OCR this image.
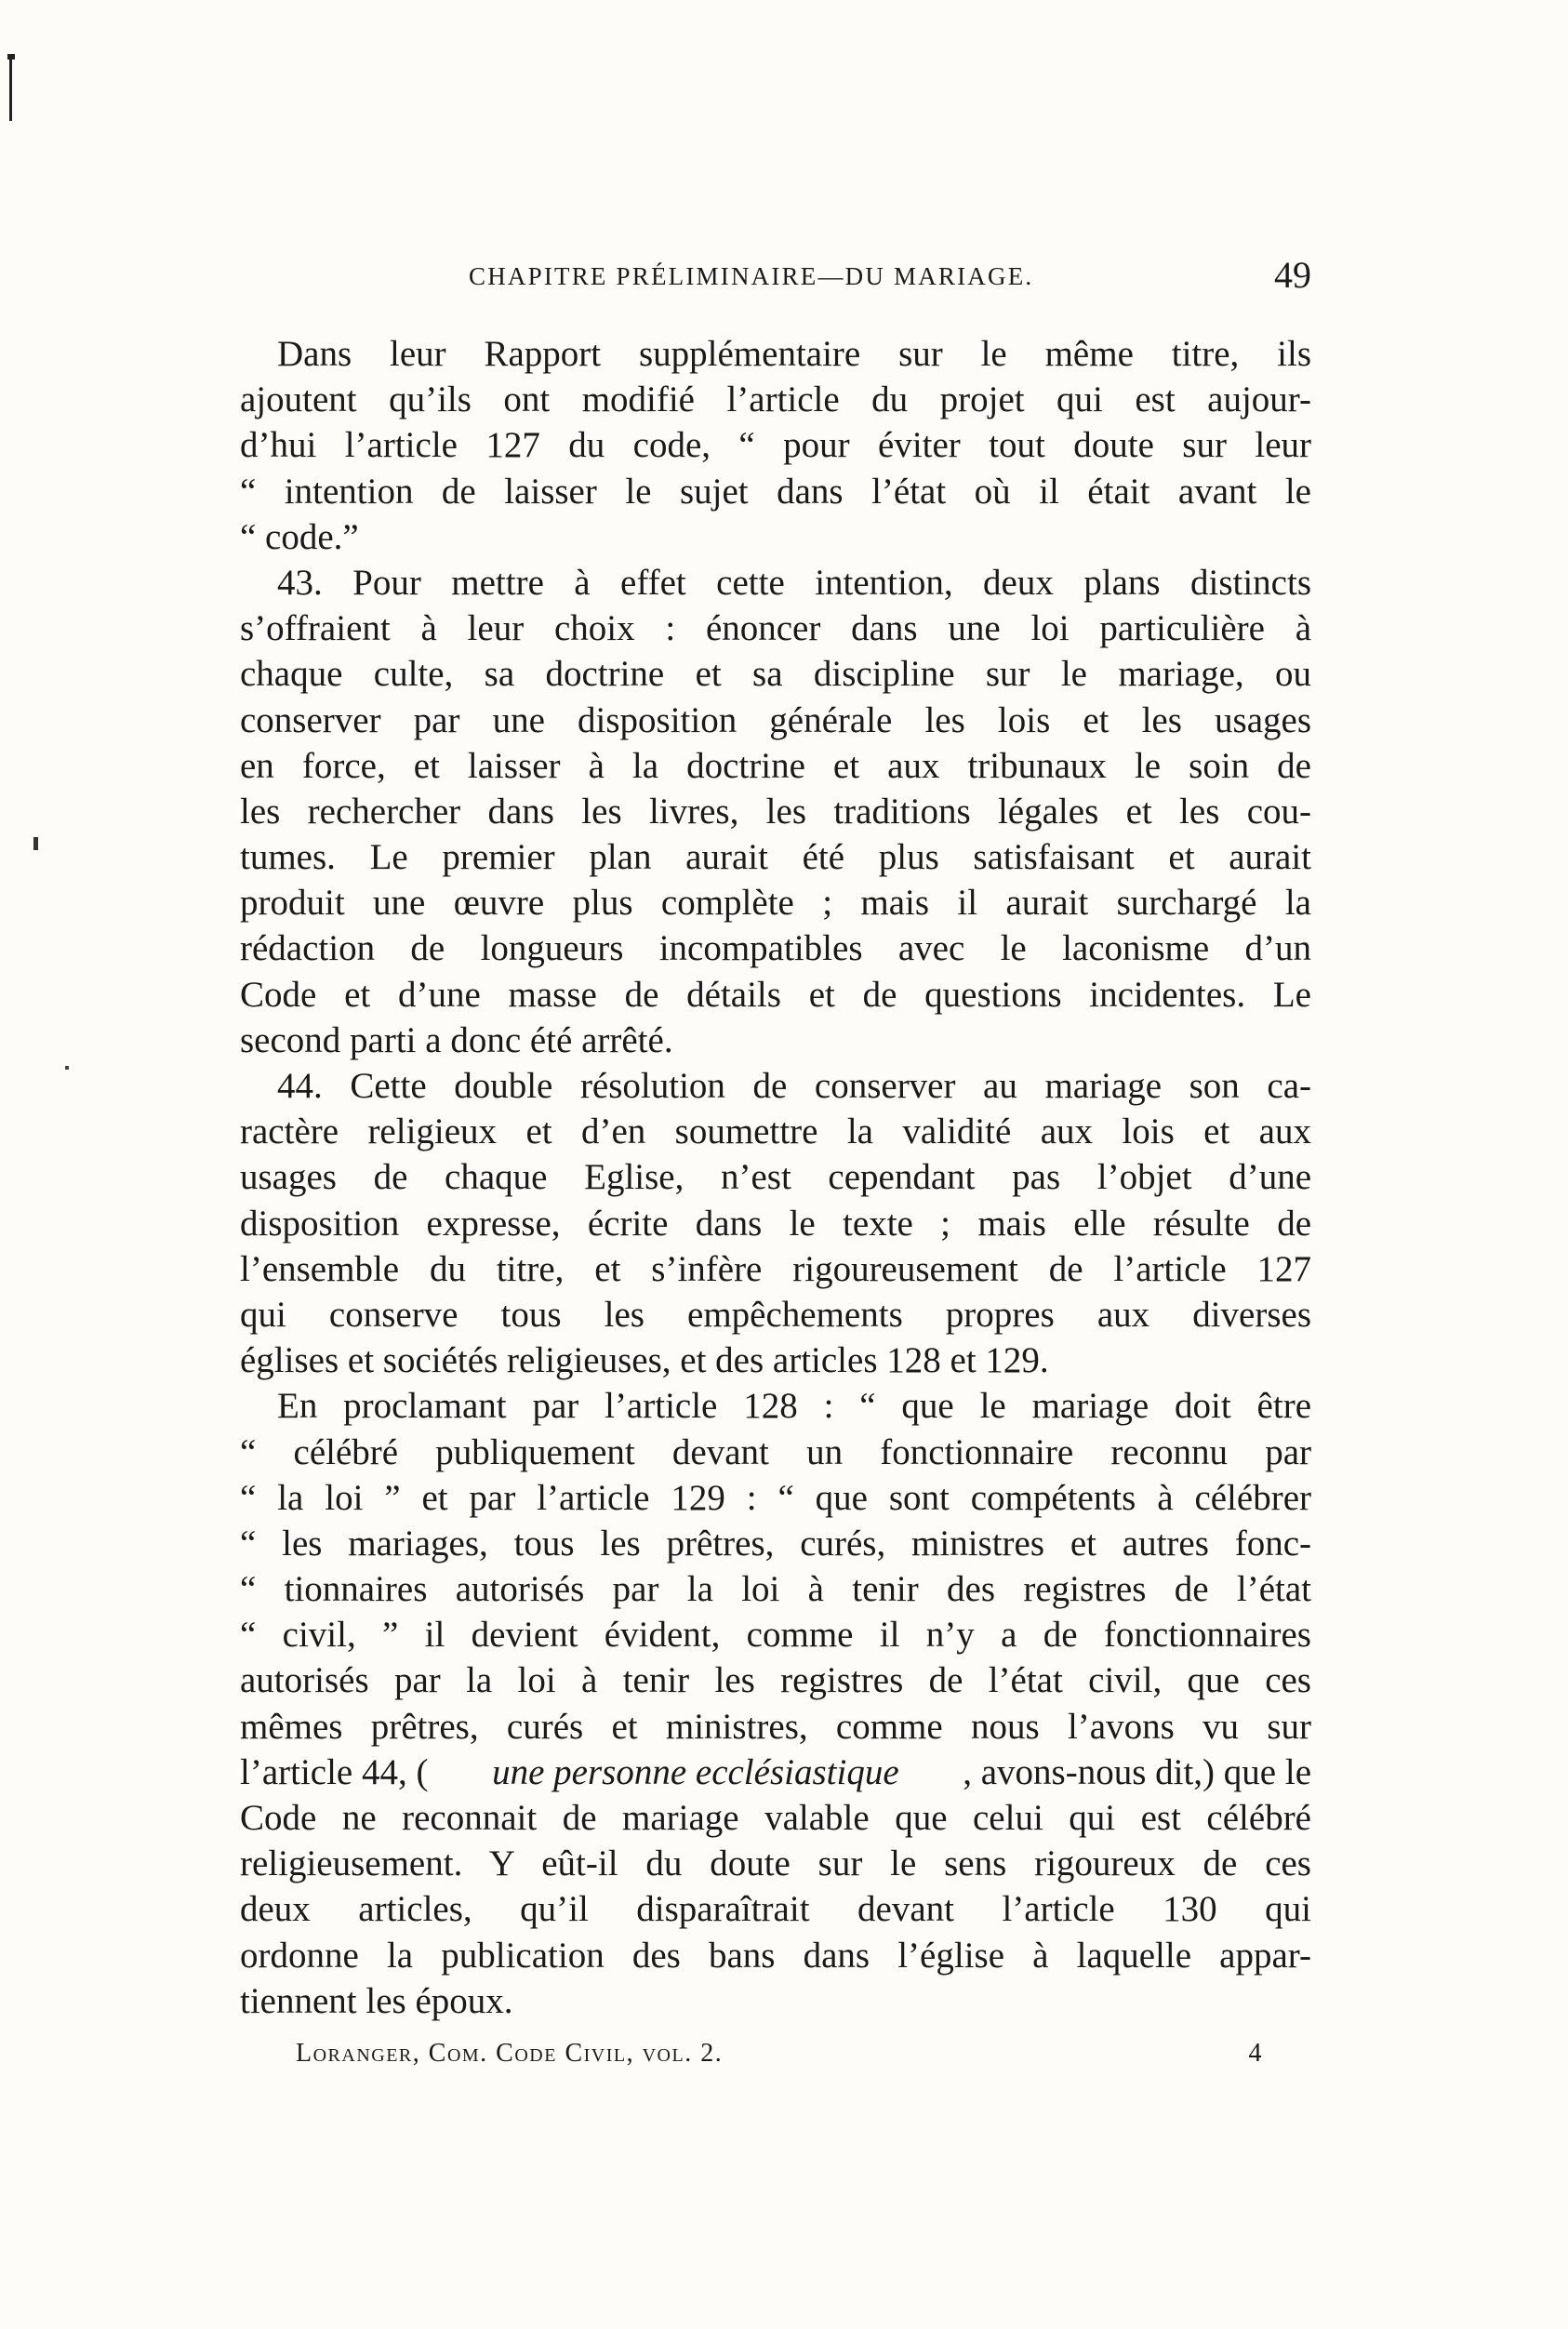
CHAPITRE PRÉLIMINAIRE—DU MARIAGE.	49
Dans leur Rapport supplémentaire sur le même titre, ils
ajoutent qu’ils ont modifié l’article du projet qui est aujour-
d’hui l’article 127 du code, “ pour éviter tout doute sur leur
“ intention de laisser le sujet dans l’état où il était avant le
“ code.”
43. Pour mettre à effet cette intention, deux plans distincts
s’offraient à leur choix : énoncer dans une loi particulière à
chaque culte, sa doctrine et sa discipline sur le mariage, ou
conserver par une disposition générale les lois et les usages
en force, et laisser à la doctrine et aux tribunaux le soin de
les rechercher dans les livres, les traditions légales et les cou-
tumes. Le premier plan aurait été plus satisfaisant et aurait
produit une œuvre plus complète ; mais il aurait surchargé la
rédaction de longueurs incompatibles avec le laconisme d’un
Code et d’une masse de détails et de questions incidentes. Le
second parti a donc été arrêté.
44. Cette double résolution de conserver au mariage son ca-
ractère religieux et d’en soumettre la validité aux lois et aux
usages de chaque Eglise, n’est cependant pas l’objet d’une
disposition expresse, écrite dans le texte ; mais elle résulte de
l’ensemble du titre, et s’infère rigoureusement de l’article 127
qui conserve tous les empêchements propres aux diverses
églises et sociétés religieuses, et des articles 128 et 129.
En proclamant par l’article 128 : “ que le mariage doit être
“ célébré publiquement devant un fonctionnaire reconnu par
“ la loi ” et par l’article 129 : “ que sont compétents à célébrer
“ les mariages, tous les prêtres, curés, ministres et autres fonc-
“ tionnaires autorisés par la loi à tenir des registres de l’état
“ civil, ” il devient évident, comme il n’y a de fonctionnaires
autorisés par la loi à tenir les registres de l’état civil, que ces
mêmes prêtres, curés et ministres, comme nous l’avons vu sur
l’article 44, ( une personne ecclésiastique , avons-nous dit,) que le
Code ne reconnait de mariage valable que celui qui est célébré
religieusement. Y eût-il du doute sur le sens rigoureux de ces
deux articles, qu’il disparaîtrait devant l’article 130 qui
ordonne la publication des bans dans l’église à laquelle appar-
tiennent les époux.
Loranger, Com. Code Civil, vol. 2.	4
